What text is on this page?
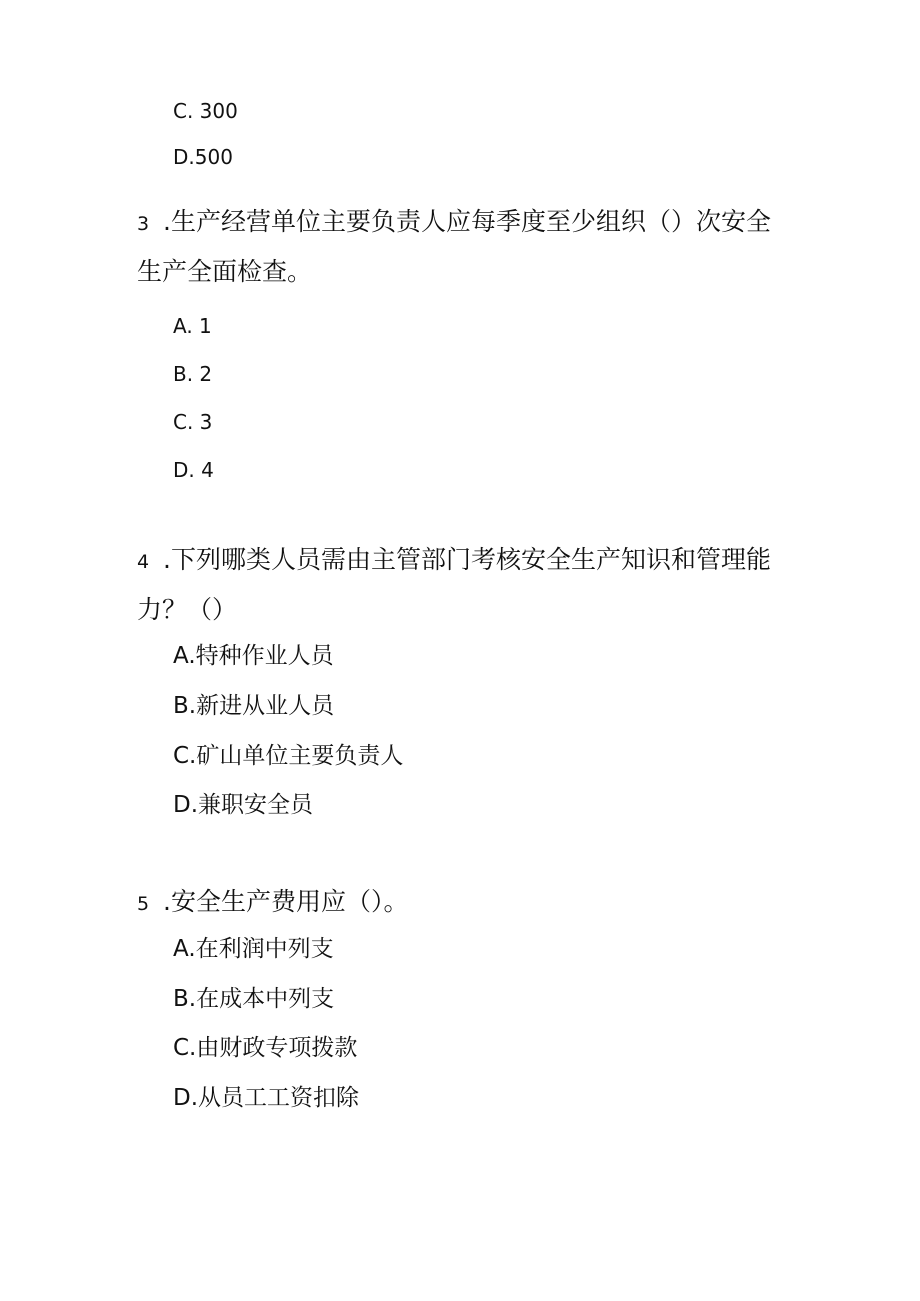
C. 300
D.500
3 .生产经营单位主要负责人应每季度至少组织（）次安全
生产全面检查。
A. 1
B. 2
C. 3
D. 4
4 .下列哪类人员需由主管部门考核安全生产知识和管理能
力？（）
A.特种作业人员
B.新进从业人员
C.矿山单位主要负责人
D.兼职安全员
5 .安全生产费用应（）。
A.在利润中列支
B.在成本中列支
C.由财政专项拨款
D.从员工工资扣除
